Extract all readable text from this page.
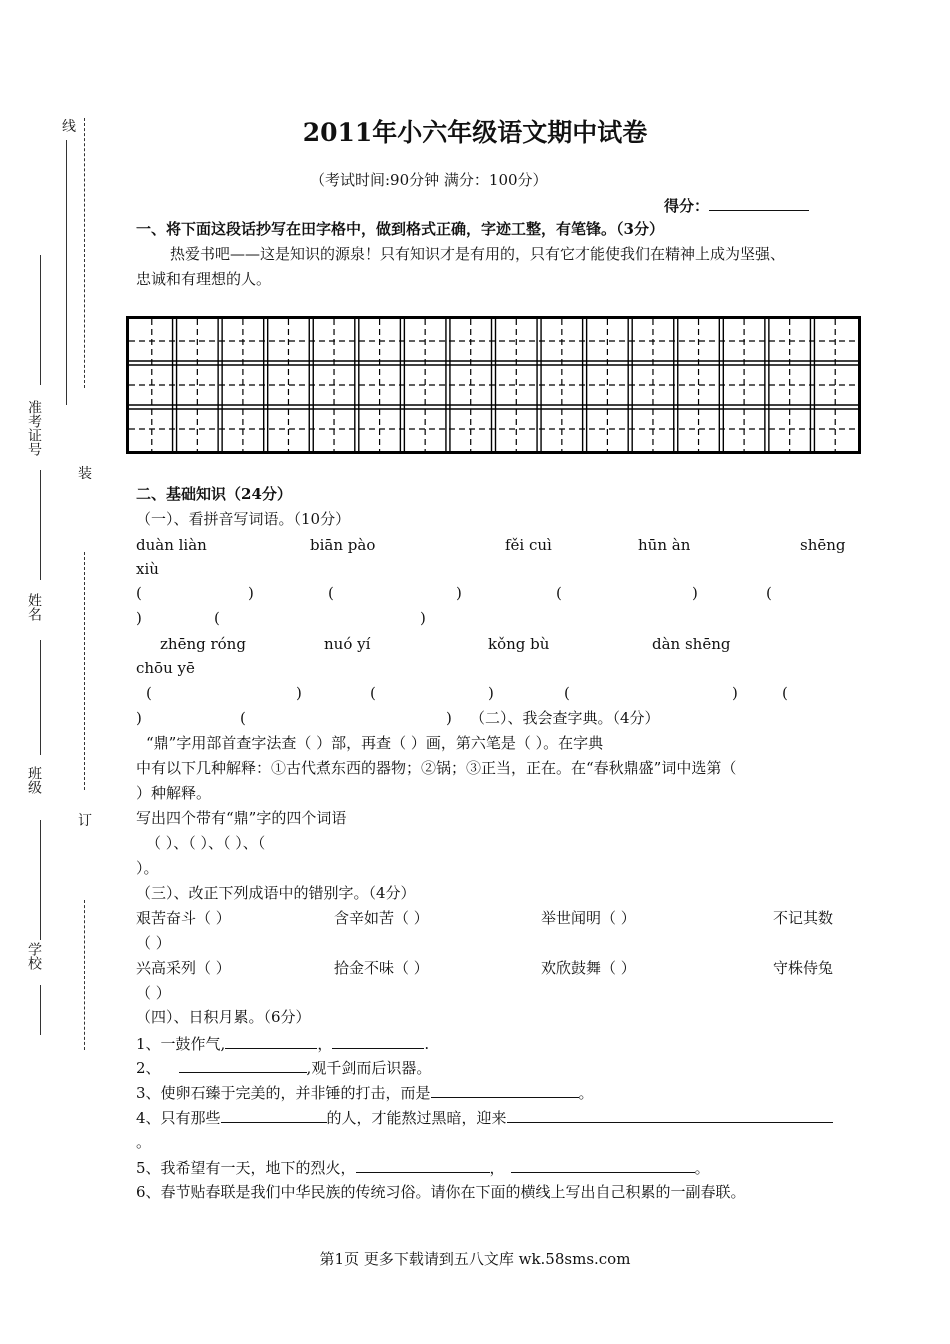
线
装
订
准考证号
姓名
班级
学校
2011年小六年级语文期中试卷
（考试时间:90分钟 满分：100分）
得分：
一、将下面这段话抄写在田字格中，做到格式正确，字迹工整，有笔锋。（3分）
热爱书吧——这是知识的源泉！只有知识才是有用的，只有它才能使我们在精神上成为坚强、
忠诚和有理想的人。
二、基础知识（24分）
（一）、看拼音写词语。（10分）
duàn liàn	biān pào	fěi cuì	hūn àn	shēng
xiù
(	)	(	)	(	)	(
)	(	)
zhēng róng	nuó yí	kǒng bù	dàn shēng
chōu yē
(	)	(	)	(	)	(
)	(	) （二）、我会查字典。（4分）
“鼎”字用部首查字法查（ ）部，再查（ ）画，第六笔是（ ）。在字典
中有以下几种解释：①古代煮东西的器物；②锅；③正当，正在。在“春秋鼎盛”词中选第（
）种解释。
写出四个带有“鼎”字的四个词语
（ ）、（ ）、（ ）、（
）。
（三）、改正下列成语中的错别字。（4分）
艰苦奋斗（ ）	含辛如苦（ ）	举世闻明（ ）	不记其数
（ ）
兴高采列（ ）	拾金不味（ ）	欢欣鼓舞（ ）	守株侍兔
（ ）
（四）、日积月累。（6分）
1、一鼓作气,	，	.
2、	,观千剑而后识器。
3、使卵石臻于完美的，并非锤的打击，而是	。
4、只有那些	的人，才能熬过黑暗，迎来
。
5、我希望有一天，地下的烈火，	，	。
6、春节贴春联是我们中华民族的传统习俗。请你在下面的横线上写出自己积累的一副春联。
第1页 更多下载请到五八文库 wk.58sms.com
